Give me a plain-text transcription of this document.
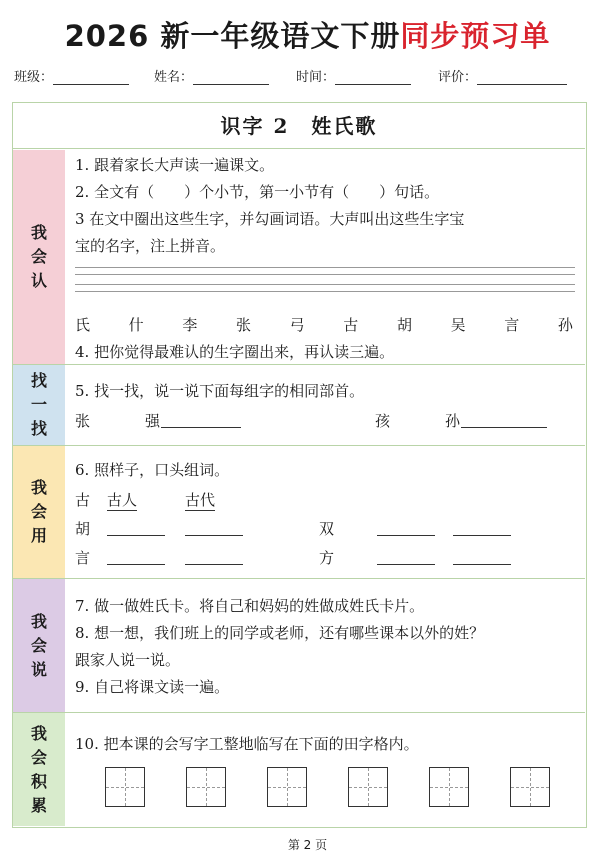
2026 新一年级语文下册同步预习单
班级：	姓名：	时间：	评价：
识字 2　姓氏歌
我
会
认
1. 跟着家长大声读一遍课文。
2. 全文有（　　）个小节，第一小节有（　　）句话。
3 在文中圈出这些生字，并勾画词语。大声叫出这些生字宝
宝的名字，注上拼音。
氏	什	李	张	弓	古	胡	吴	言	孙
4. 把你觉得最难认的生字圈出来，再认读三遍。
找
一
找
5. 找一找，说一说下面每组字的相同部首。
张	强	孩	孙
我
会
用
6. 照样子，口头组词。
古 古人	古代
胡	双
言	方
我
会
说
7. 做一做姓氏卡。将自己和妈妈的姓做成姓氏卡片。
8. 想一想，我们班上的同学或老师，还有哪些课本以外的姓？
跟家人说一说。
9. 自己将课文读一遍。
我
会
积
累
10. 把本课的会写字工整地临写在下面的田字格内。
第 2 页
